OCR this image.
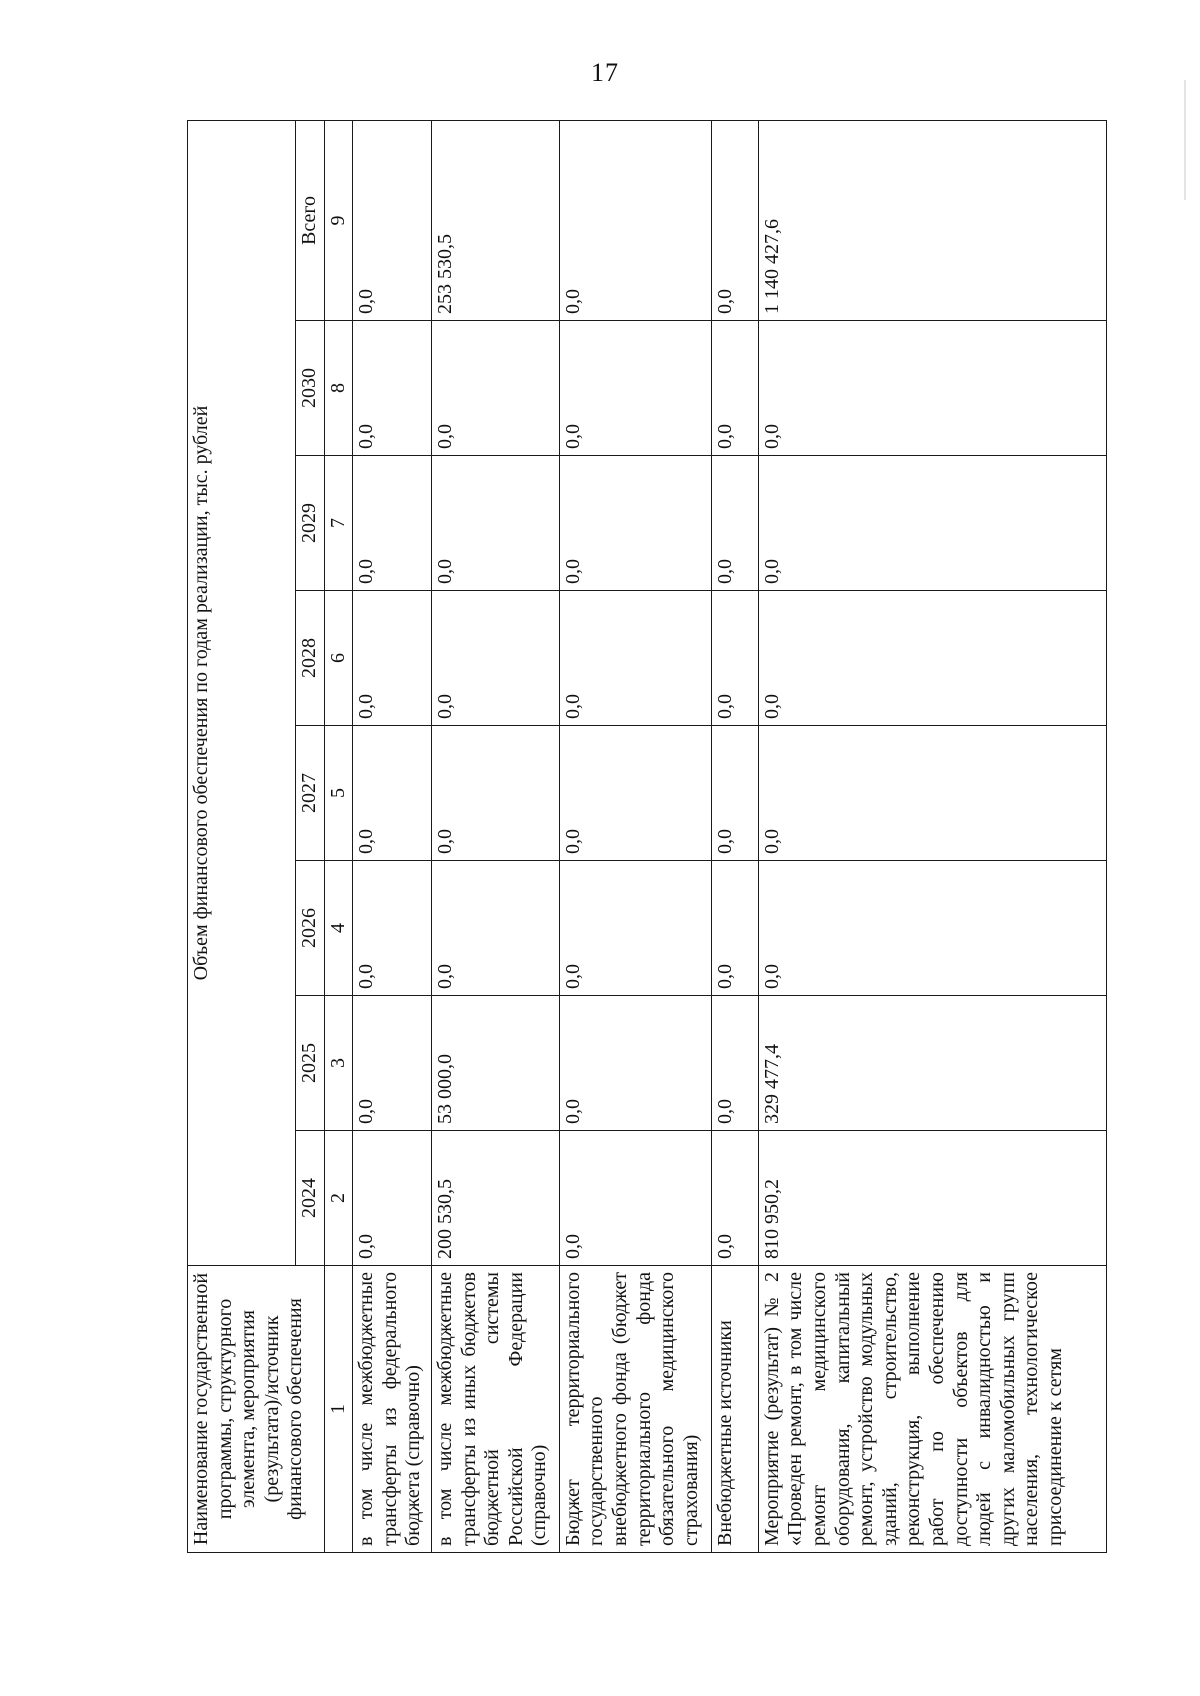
17
Наименование государственной программы, структурного элемента, мероприятия (результата)/источник финансового обеспечения	Объем финансового обеспечения по годам реализации, тыс. рублей							
	2024	2025	2026	2027	2028	2029	2030	Всего
1	2	3	4	5	6	7	8	9
в том числе межбюджетные трансферты из федерального бюджета (справочно)	0,0	0,0	0,0	0,0	0,0	0,0	0,0	0,0
в том числе межбюджетные трансферты из иных бюджетов бюджетной системы Российской Федерации (справочно)	200 530,5	53 000,0	0,0	0,0	0,0	0,0	0,0	253 530,5
Бюджет территориального государственного внебюджетного фонда (бюджет территориального фонда обязательного медицинского страхования)	0,0	0,0	0,0	0,0	0,0	0,0	0,0	0,0
Внебюджетные источники	0,0	0,0	0,0	0,0	0,0	0,0	0,0	0,0
Мероприятие (результат) № 2 «Проведен ремонт, в том числе ремонт медицинского оборудования, капитальный ремонт, устройство модульных зданий, строительство, реконструкция, выполнение работ по обеспечению доступности объектов для людей с инвалидностью и других маломобильных групп населения, технологическое присоединение к сетям	810 950,2	329 477,4	0,0	0,0	0,0	0,0	0,0	1 140 427,6
